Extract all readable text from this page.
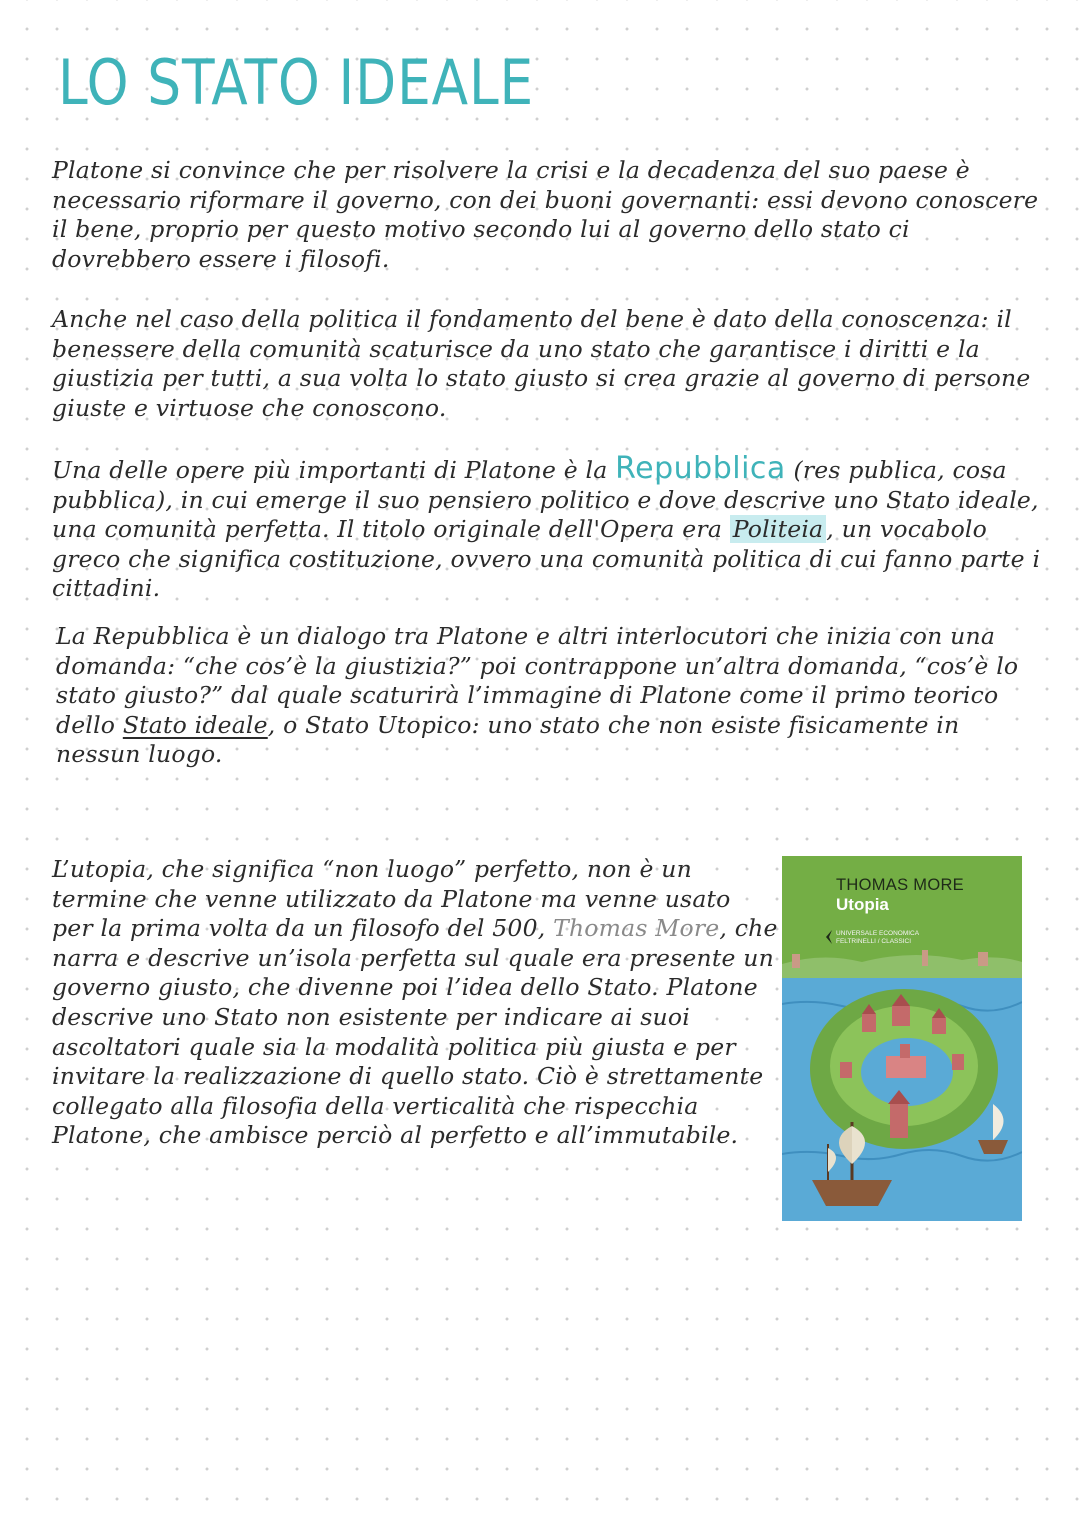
LO STATO IDEALE

Platone si convince che per risolvere la crisi e la decadenza del suo paese è necessario riformare il governo, con dei buoni governanti: essi devono conoscere il bene, proprio per questo motivo secondo lui al governo dello stato ci dovrebbero essere i filosofi.

Anche nel caso della politica il fondamento del bene è dato della conoscenza: il benessere della comunità scaturisce da uno stato che garantisce i diritti e la giustizia per tutti, a sua volta lo stato giusto si crea grazie al governo di persone giuste e virtuose che conoscono.

Una delle opere più importanti di Platone è la Repubblica (res publica, cosa pubblica), in cui emerge il suo pensiero politico e dove descrive uno Stato ideale, una comunità perfetta. Il titolo originale dell'Opera era Politeia , un vocabolo greco che significa costituzione, ovvero una comunità politica di cui fanno parte i cittadini.

La Repubblica è un dialogo tra Platone e altri interlocutori che inizia con una domanda: “che cos’è la giustizia?” poi contrappone un’altra domanda, “cos’è lo stato giusto?” dal quale scaturirà l’immagine di Platone come il primo teorico dello Stato ideale, o Stato Utopico: uno stato che non esiste fisicamente in nessun luogo.

L’utopia, che significa “non luogo” perfetto, non è un termine che venne utilizzato da Platone ma venne usato per la prima volta da un filosofo del 500, Thomas More, che narra e descrive un’isola perfetta sul quale era presente un governo giusto, che divenne poi l’idea dello Stato. Platone descrive uno Stato non esistente per indicare ai suoi ascoltatori quale sia la modalità politica più giusta e per invitare la realizzazione di quello stato. Ciò è strettamente collegato alla filosofia della verticalità che rispecchia Platone, che ambisce perciò al perfetto e all’immutabile.

THOMAS MORE

Utopia

UNIVERSALE ECONOMICA FELTRINELLI / CLASSICI
